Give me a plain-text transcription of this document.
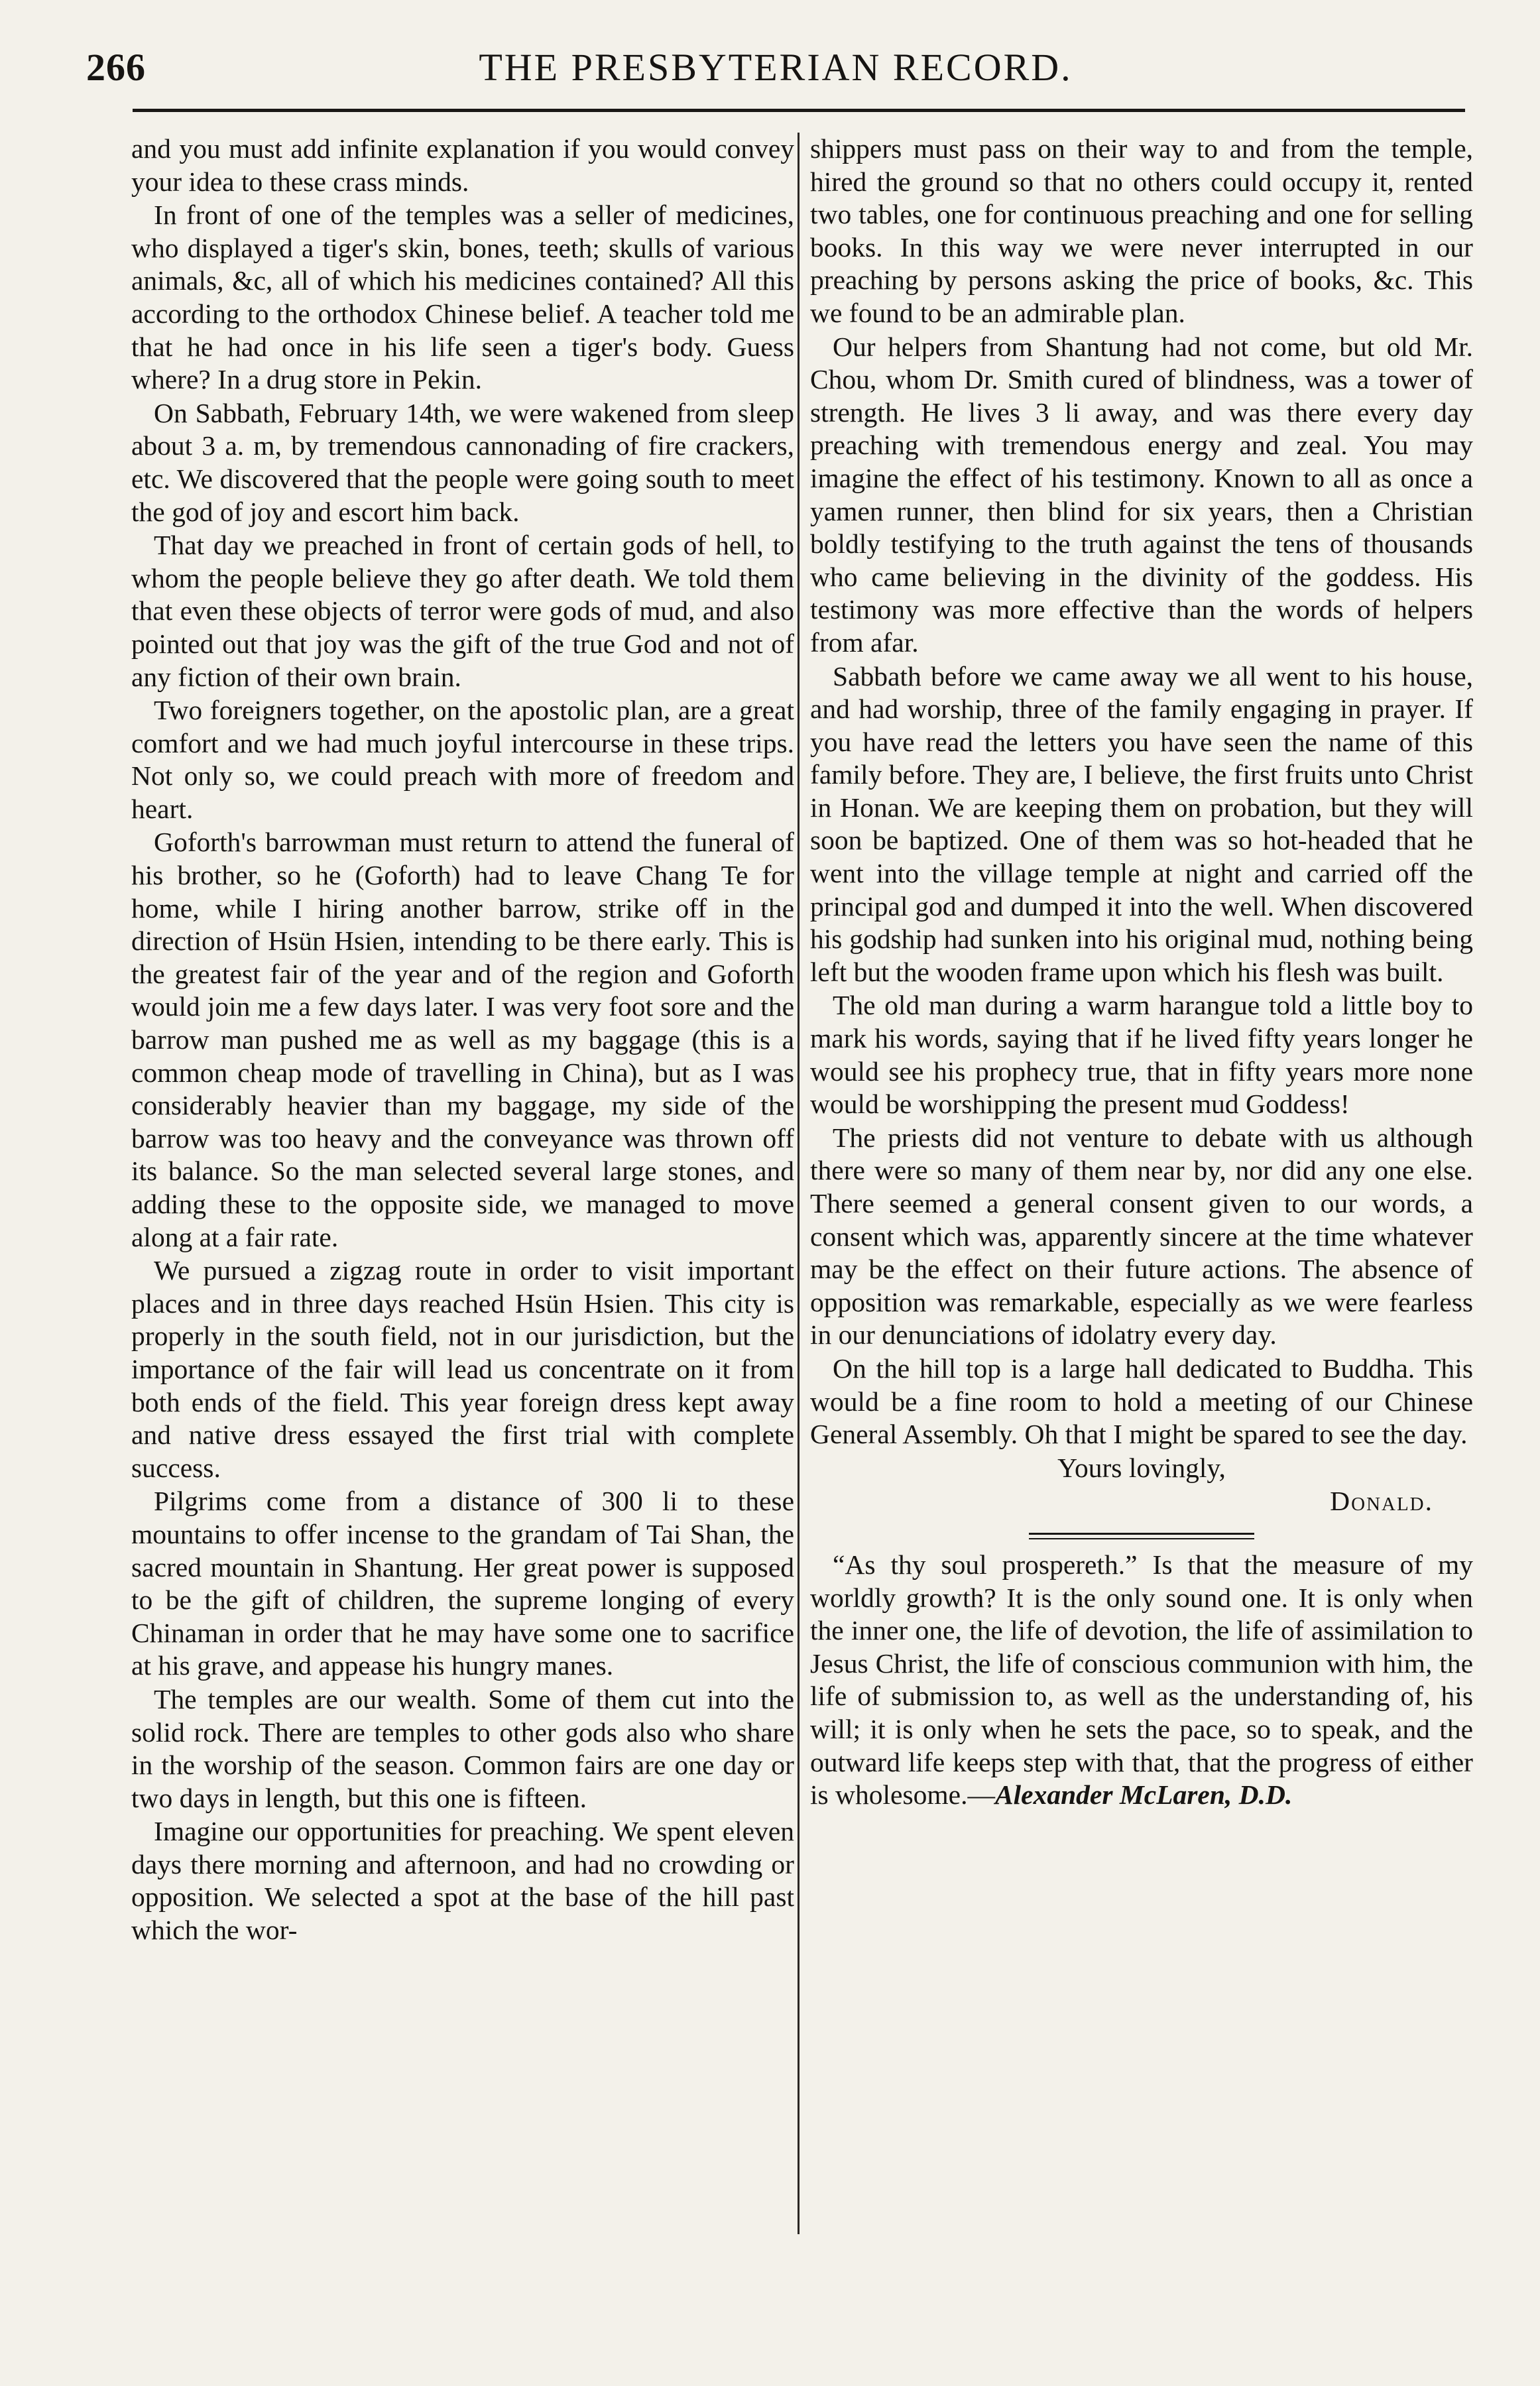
266	THE PRESBYTERIAN RECORD.

and you must add infinite explanation if you would convey your idea to these crass minds.

In front of one of the temples was a seller of medicines, who displayed a tiger's skin, bones, teeth; skulls of various animals, &c, all of which his medicines contained? All this according to the orthodox Chinese belief. A teacher told me that he had once in his life seen a tiger's body. Guess where? In a drug store in Pekin.

On Sabbath, February 14th, we were wakened from sleep about 3 a. m, by tremendous cannonading of fire crackers, etc. We discovered that the people were going south to meet the god of joy and escort him back.

That day we preached in front of certain gods of hell, to whom the people believe they go after death. We told them that even these objects of terror were gods of mud, and also pointed out that joy was the gift of the true God and not of any fiction of their own brain.

Two foreigners together, on the apostolic plan, are a great comfort and we had much joyful intercourse in these trips. Not only so, we could preach with more of freedom and heart.

Goforth's barrowman must return to attend the funeral of his brother, so he (Goforth) had to leave Chang Te for home, while I hiring another barrow, strike off in the direction of Hsün Hsien, intending to be there early. This is the greatest fair of the year and of the region and Goforth would join me a few days later. I was very foot sore and the barrow man pushed me as well as my baggage (this is a common cheap mode of travelling in China), but as I was considerably heavier than my baggage, my side of the barrow was too heavy and the conveyance was thrown off its balance. So the man selected several large stones, and adding these to the opposite side, we managed to move along at a fair rate.

We pursued a zigzag route in order to visit important places and in three days reached Hsün Hsien. This city is properly in the south field, not in our jurisdiction, but the importance of the fair will lead us concentrate on it from both ends of the field. This year foreign dress kept away and native dress essayed the first trial with complete success.

Pilgrims come from a distance of 300 li to these mountains to offer incense to the grandam of Tai Shan, the sacred mountain in Shantung. Her great power is supposed to be the gift of children, the supreme longing of every Chinaman in order that he may have some one to sacrifice at his grave, and appease his hungry manes.

The temples are our wealth. Some of them cut into the solid rock. There are temples to other gods also who share in the worship of the season. Common fairs are one day or two days in length, but this one is fifteen.

Imagine our opportunities for preaching. We spent eleven days there morning and afternoon, and had no crowding or opposition. We selected a spot at the base of the hill past which the wor-

shippers must pass on their way to and from the temple, hired the ground so that no others could occupy it, rented two tables, one for continuous preaching and one for selling books. In this way we were never interrupted in our preaching by persons asking the price of books, &c. This we found to be an admirable plan.

Our helpers from Shantung had not come, but old Mr. Chou, whom Dr. Smith cured of blindness, was a tower of strength. He lives 3 li away, and was there every day preaching with tremendous energy and zeal. You may imagine the effect of his testimony. Known to all as once a yamen runner, then blind for six years, then a Christian boldly testifying to the truth against the tens of thousands who came believing in the divinity of the goddess. His testimony was more effective than the words of helpers from afar.

Sabbath before we came away we all went to his house, and had worship, three of the family engaging in prayer. If you have read the letters you have seen the name of this family before. They are, I believe, the first fruits unto Christ in Honan. We are keeping them on probation, but they will soon be baptized. One of them was so hot-headed that he went into the village temple at night and carried off the principal god and dumped it into the well. When discovered his godship had sunken into his original mud, nothing being left but the wooden frame upon which his flesh was built.

The old man during a warm harangue told a little boy to mark his words, saying that if he lived fifty years longer he would see his prophecy true, that in fifty years more none would be worshipping the present mud Goddess!

The priests did not venture to debate with us although there were so many of them near by, nor did any one else. There seemed a general consent given to our words, a consent which was, apparently sincere at the time whatever may be the effect on their future actions. The absence of opposition was remarkable, especially as we were fearless in our denunciations of idolatry every day.

On the hill top is a large hall dedicated to Buddha. This would be a fine room to hold a meeting of our Chinese General Assembly. Oh that I might be spared to see the day.

Yours lovingly,

Donald.

“As thy soul prospereth.” Is that the measure of my worldly growth? It is the only sound one. It is only when the inner one, the life of devotion, the life of assimilation to Jesus Christ, the life of conscious communion with him, the life of submission to, as well as the understanding of, his will; it is only when he sets the pace, so to speak, and the outward life keeps step with that, that the progress of either is wholesome.—Alexander McLaren, D.D.
